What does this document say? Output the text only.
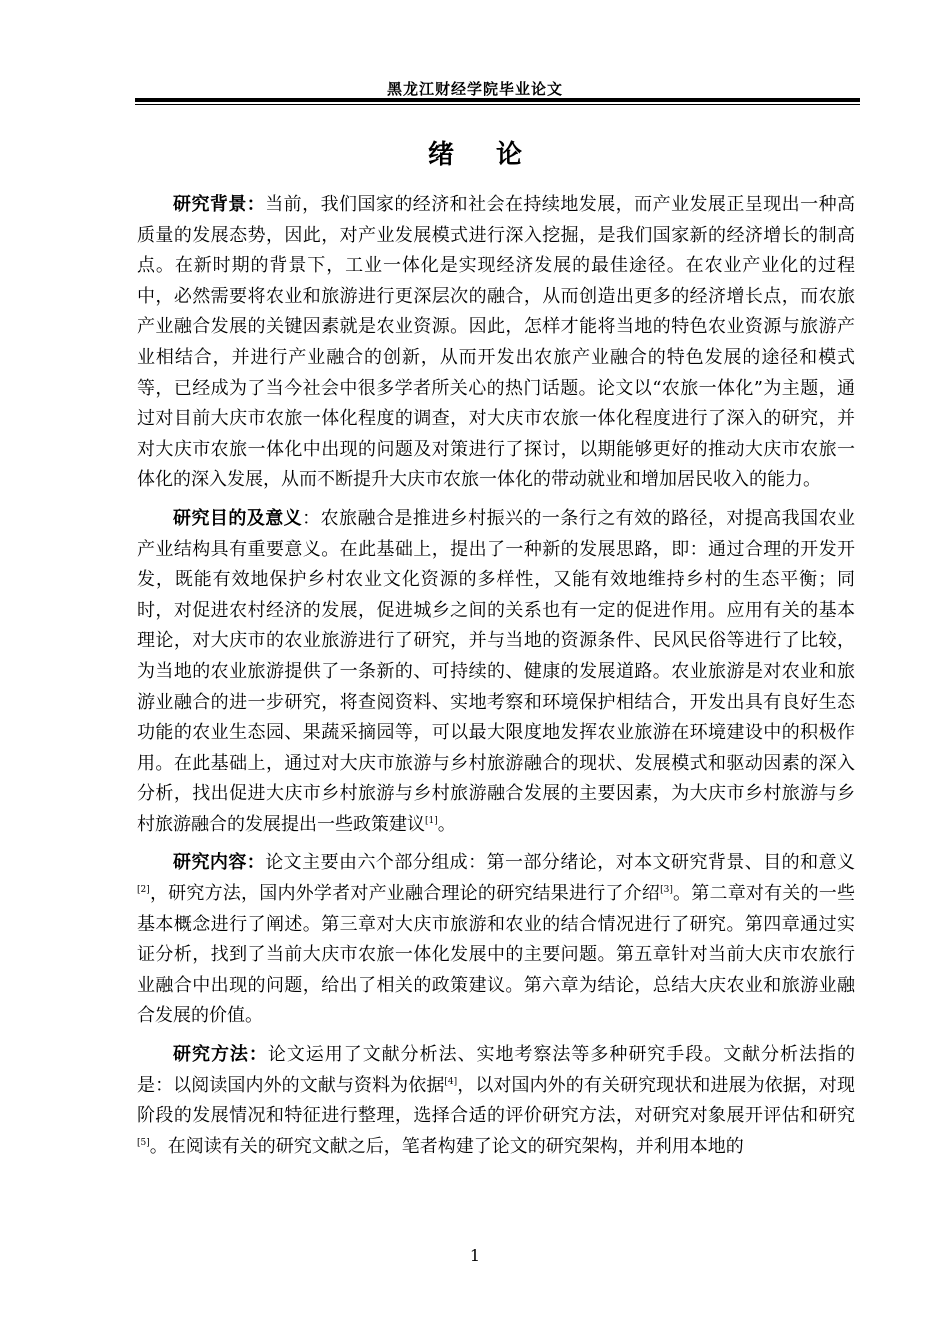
黑龙江财经学院毕业论文
绪论

研究背景：当前，我们国家的经济和社会在持续地发展，而产业发展正呈现出一种高质量的发展态势，因此，对产业发展模式进行深入挖掘，是我们国家新的经济增长的制高点。在新时期的背景下，工业一体化是实现经济发展的最佳途径。在农业产业化的过程中，必然需要将农业和旅游进行更深层次的融合，从而创造出更多的经济增长点，而农旅产业融合发展的关键因素就是农业资源。因此，怎样才能将当地的特色农业资源与旅游产业相结合，并进行产业融合的创新，从而开发出农旅产业融合的特色发展的途径和模式等，已经成为了当今社会中很多学者所关心的热门话题。论文以“农旅一体化”为主题，通过对目前大庆市农旅一体化程度的调查，对大庆市农旅一体化程度进行了深入的研究，并对大庆市农旅一体化中出现的问题及对策进行了探讨，以期能够更好的推动大庆市农旅一体化的深入发展，从而不断提升大庆市农旅一体化的带动就业和增加居民收入的能力。

研究目的及意义：农旅融合是推进乡村振兴的一条行之有效的路径，对提高我国农业产业结构具有重要意义。在此基础上，提出了一种新的发展思路，即：通过合理的开发开发，既能有效地保护乡村农业文化资源的多样性，又能有效地维持乡村的生态平衡；同时，对促进农村经济的发展，促进城乡之间的关系也有一定的促进作用。应用有关的基本理论，对大庆市的农业旅游进行了研究，并与当地的资源条件、民风民俗等进行了比较，为当地的农业旅游提供了一条新的、可持续的、健康的发展道路。农业旅游是对农业和旅游业融合的进一步研究，将查阅资料、实地考察和环境保护相结合，开发出具有良好生态功能的农业生态园、果蔬采摘园等，可以最大限度地发挥农业旅游在环境建设中的积极作用。在此基础上，通过对大庆市旅游与乡村旅游融合的现状、发展模式和驱动因素的深入分析，找出促进大庆市乡村旅游与乡村旅游融合发展的主要因素，为大庆市乡村旅游与乡村旅游融合的发展提出一些政策建议[1]。

研究内容：论文主要由六个部分组成：第一部分绪论，对本文研究背景、目的和意义[2]，研究方法，国内外学者对产业融合理论的研究结果进行了介绍[3]。第二章对有关的一些基本概念进行了阐述。第三章对大庆市旅游和农业的结合情况进行了研究。第四章通过实证分析，找到了当前大庆市农旅一体化发展中的主要问题。第五章针对当前大庆市农旅行业融合中出现的问题，给出了相关的政策建议。第六章为结论，总结大庆农业和旅游业融合发展的价值。

研究方法：论文运用了文献分析法、实地考察法等多种研究手段。文献分析法指的是：以阅读国内外的文献与资料为依据[4]，以对国内外的有关研究现状和进展为依据，对现阶段的发展情况和特征进行整理，选择合适的评价研究方法，对研究对象展开评估和研究[5]。在阅读有关的研究文献之后，笔者构建了论文的研究架构，并利用本地的

1
